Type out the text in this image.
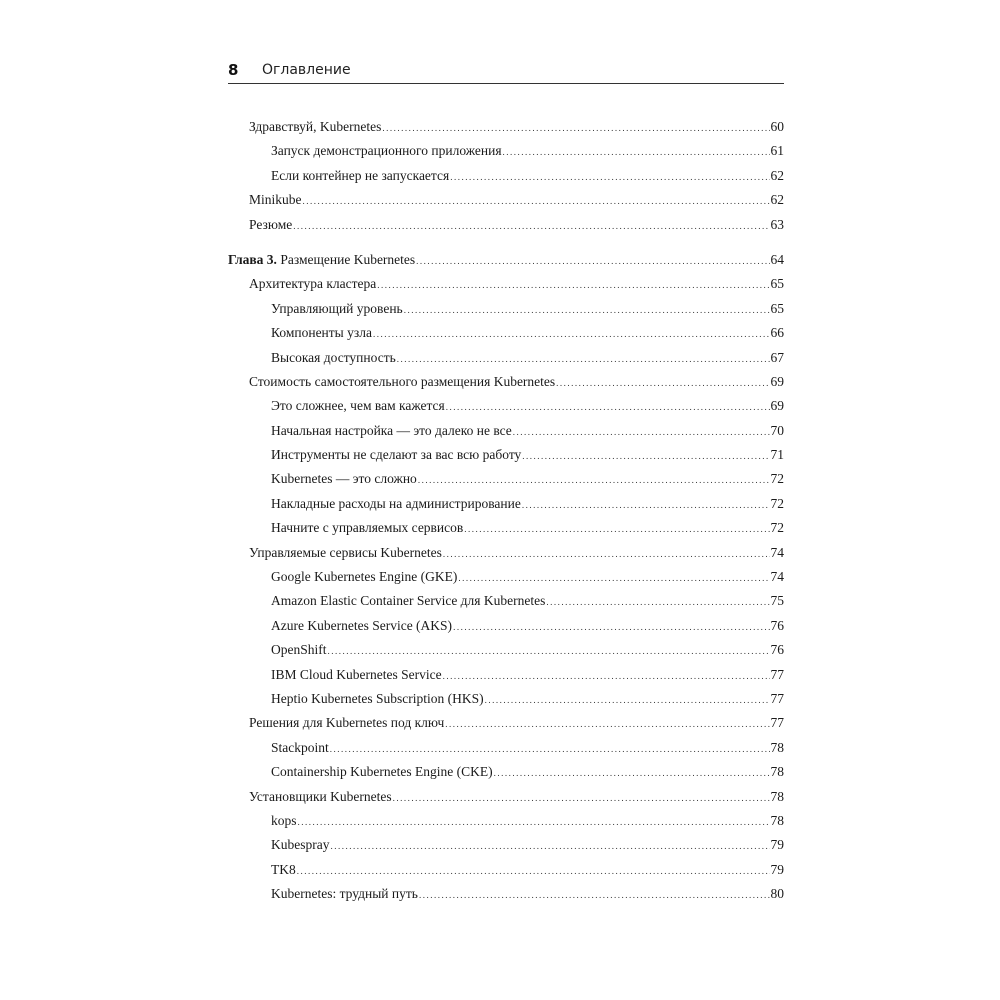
8	Оглавление
Здравствуй, Kubernetes .....	60
Запуск демонстрационного приложения .....	61
Если контейнер не запускается .....	62
Minikube .....	62
Резюме .....	63
Глава 3. Размещение Kubernetes .....	64
Архитектура кластера .....	65
Управляющий уровень .....	65
Компоненты узла .....	66
Высокая доступность .....	67
Стоимость самостоятельного размещения Kubernetes .....	69
Это сложнее, чем вам кажется .....	69
Начальная настройка — это далеко не все .....	70
Инструменты не сделают за вас всю работу .....	71
Kubernetes — это сложно .....	72
Накладные расходы на администрирование .....	72
Начните с управляемых сервисов .....	72
Управляемые сервисы Kubernetes .....	74
Google Kubernetes Engine (GKE) .....	74
Amazon Elastic Container Service для Kubernetes .....	75
Azure Kubernetes Service (AKS) .....	76
OpenShift .....	76
IBM Cloud Kubernetes Service .....	77
Heptio Kubernetes Subscription (HKS) .....	77
Решения для Kubernetes под ключ .....	77
Stackpoint .....	78
Containership Kubernetes Engine (CKE) .....	78
Установщики Kubernetes .....	78
kops .....	78
Kubespray .....	79
TK8 .....	79
Kubernetes: трудный путь .....	80
